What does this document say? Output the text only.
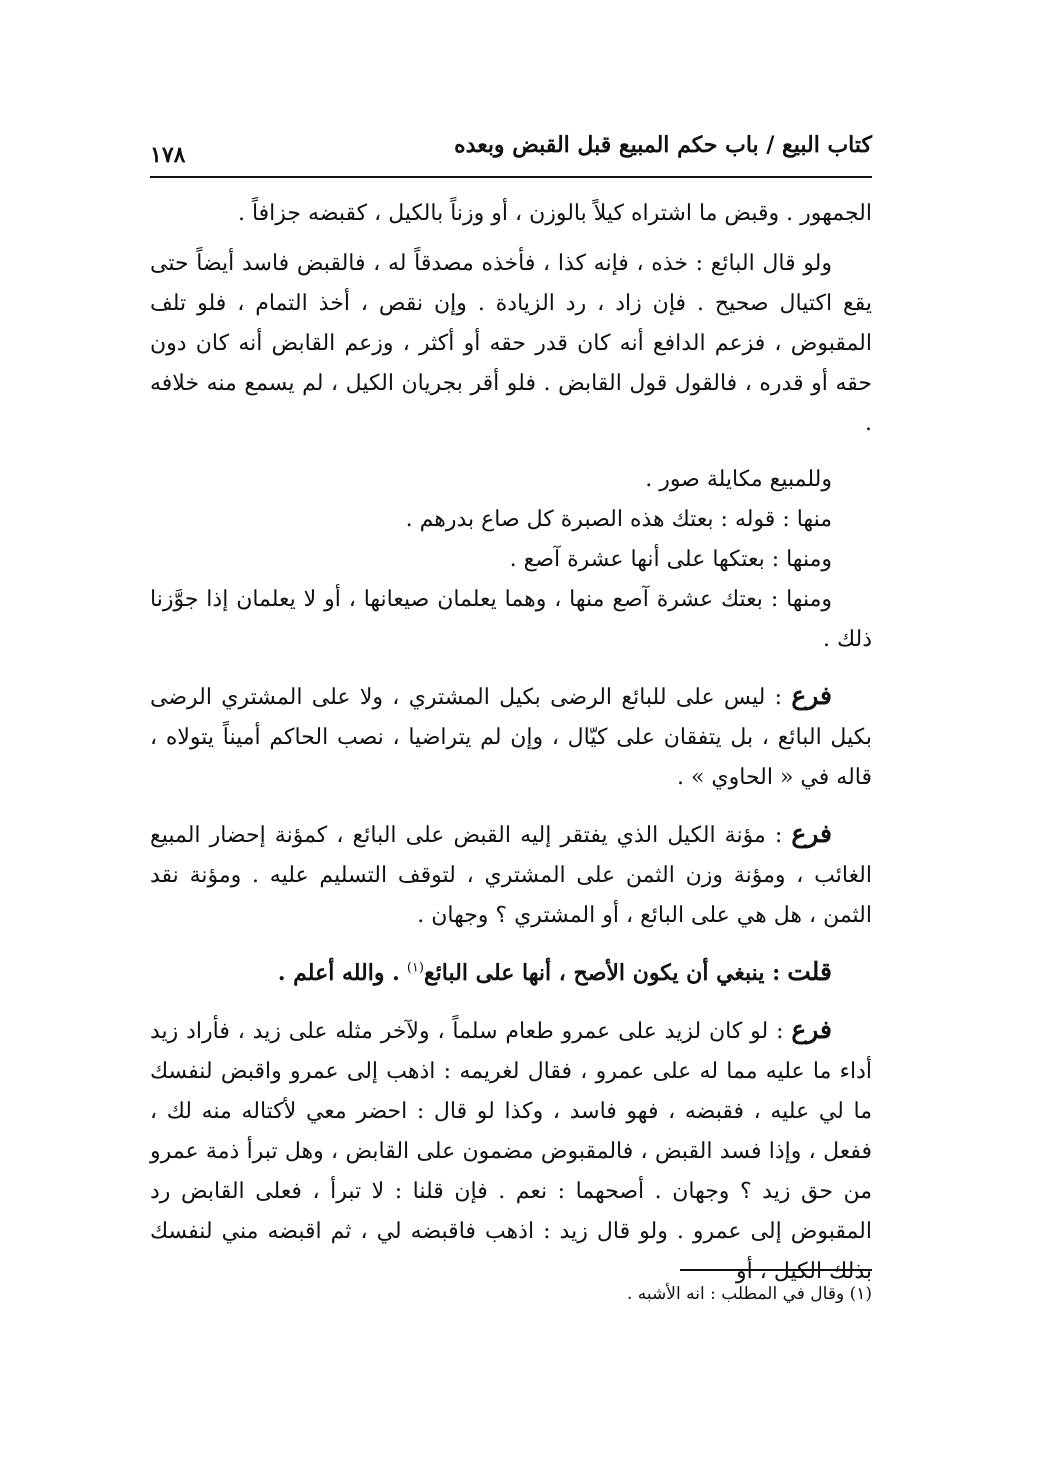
١٧٨	كتاب البيع / باب حكم المبيع قبل القبض وبعده

الجمهور . وقبض ما اشتراه كيلاً بالوزن ، أو وزناً بالكيل ، كقبضه جزافاً .

ولو قال البائع : خذه ، فإنه كذا ، فأخذه مصدقاً له ، فالقبض فاسد أيضاً حتى يقع اكتيال صحيح . فإن زاد ، رد الزيادة . وإن نقص ، أخذ التمام ، فلو تلف المقبوض ، فزعم الدافع أنه كان قدر حقه أو أكثر ، وزعم القابض أنه كان دون حقه أو قدره ، فالقول قول القابض . فلو أقر بجريان الكيل ، لم يسمع منه خلافه .

وللمبيع مكايلة صور .

منها : قوله : بعتك هذه الصبرة كل صاع بدرهم .

ومنها : بعتكها على أنها عشرة آصع .

ومنها : بعتك عشرة آصع منها ، وهما يعلمان صيعانها ، أو لا يعلمان إذا جوَّزنا ذلك .

فرع : ليس على للبائع الرضى بكيل المشتري ، ولا على المشتري الرضى بكيل البائع ، بل يتفقان على كيّال ، وإن لم يتراضيا ، نصب الحاكم أميناً يتولاه ، قاله في « الحاوي » .

فرع : مؤنة الكيل الذي يفتقر إليه القبض على البائع ، كمؤنة إحضار المبيع الغائب ، ومؤنة وزن الثمن على المشتري ، لتوقف التسليم عليه . ومؤنة نقد الثمن ، هل هي على البائع ، أو المشتري ؟ وجهان .

قلت : ينبغي أن يكون الأصح ، أنها على البائع$^{(١)}$ . والله أعلم .

فرع : لو كان لزيد على عمرو طعام سلماً ، ولآخر مثله على زيد ، فأراد زيد أداء ما عليه مما له على عمرو ، فقال لغريمه : اذهب إلى عمرو واقبض لنفسك ما لي عليه ، فقبضه ، فهو فاسد ، وكذا لو قال : احضر معي لأكتاله منه لك ، ففعل ، وإذا فسد القبض ، فالمقبوض مضمون على القابض ، وهل تبرأ ذمة عمرو من حق زيد ؟ وجهان . أصحهما : نعم . فإن قلنا : لا تبرأ ، فعلى القابض رد المقبوض إلى عمرو . ولو قال زيد : اذهب فاقبضه لي ، ثم اقبضه مني لنفسك بذلك الكيل ، أو

(١) وقال في المطلب : انه الأشبه .
